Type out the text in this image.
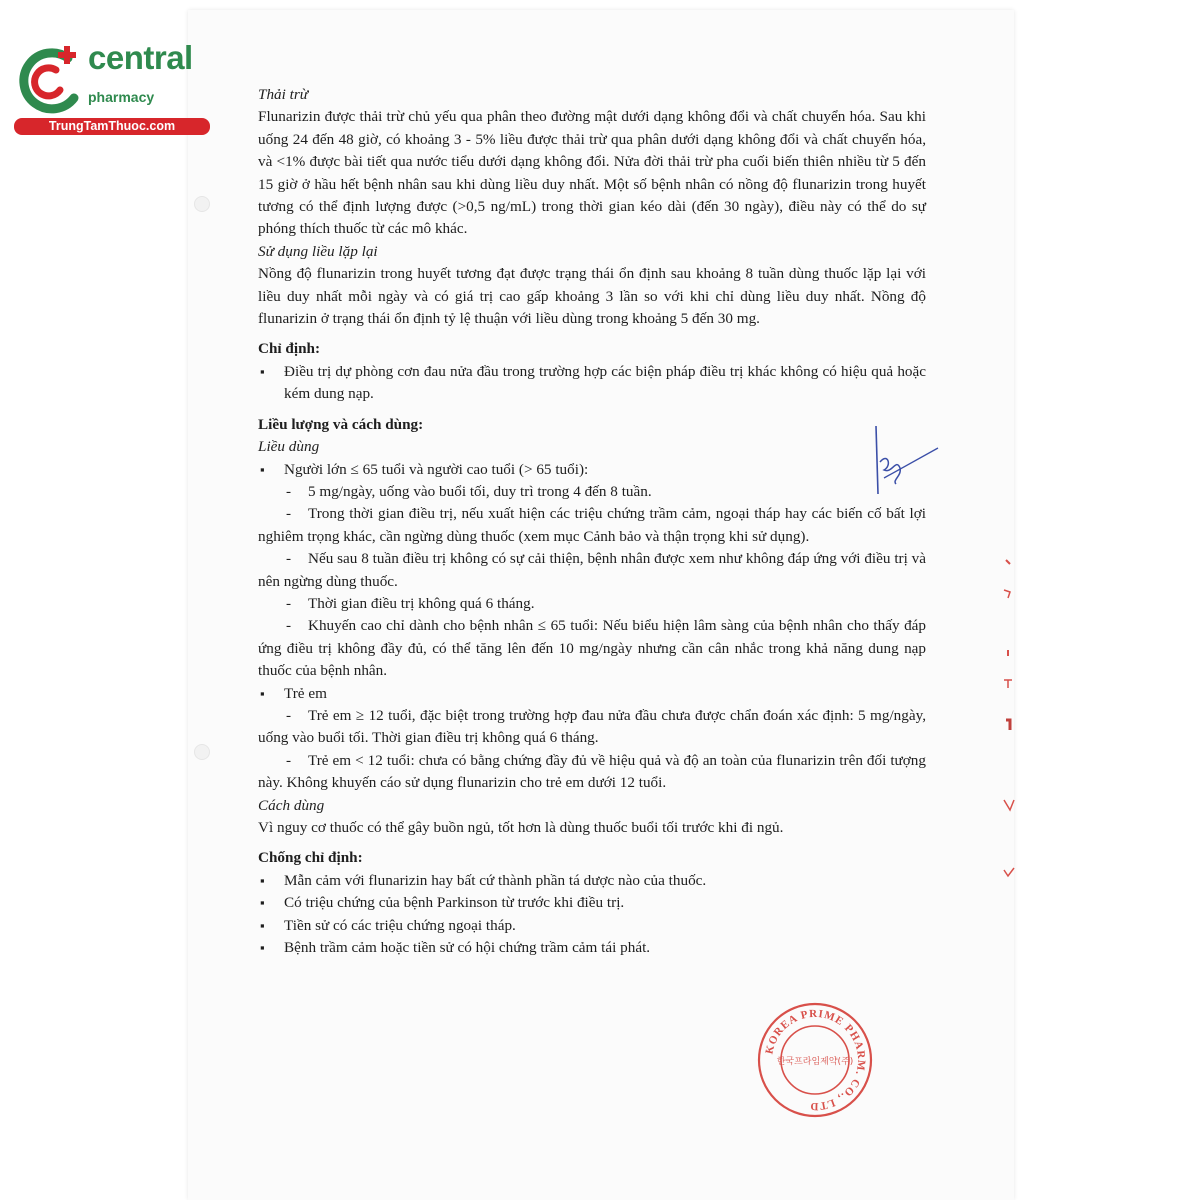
central
pharmacy
TrungTamThuoc.com

Thải trừ

Flunarizin được thải trừ chủ yếu qua phân theo đường mật dưới dạng không đổi và chất chuyển hóa. Sau khi uống 24 đến 48 giờ, có khoảng 3 - 5% liều được thải trừ qua phân dưới dạng không đổi và chất chuyển hóa, và <1% được bài tiết qua nước tiểu dưới dạng không đổi. Nửa đời thải trừ pha cuối biến thiên nhiều từ 5 đến 15 giờ ở hầu hết bệnh nhân sau khi dùng liều duy nhất. Một số bệnh nhân có nồng độ flunarizin trong huyết tương có thể định lượng được (>0,5 ng/mL) trong thời gian kéo dài (đến 30 ngày), điều này có thể do sự phóng thích thuốc từ các mô khác.

Sử dụng liều lặp lại

Nồng độ flunarizin trong huyết tương đạt được trạng thái ổn định sau khoảng 8 tuần dùng thuốc lặp lại với liều duy nhất mỗi ngày và có giá trị cao gấp khoảng 3 lần so với khi chỉ dùng liều duy nhất. Nồng độ flunarizin ở trạng thái ổn định tỷ lệ thuận với liều dùng trong khoảng 5 đến 30 mg.

Chỉ định:

▪ Điều trị dự phòng cơn đau nửa đầu trong trường hợp các biện pháp điều trị khác không có hiệu quả hoặc kém dung nạp.

Liều lượng và cách dùng:

Liều dùng

▪ Người lớn ≤ 65 tuổi và người cao tuổi (> 65 tuổi):

- 5 mg/ngày, uống vào buổi tối, duy trì trong 4 đến 8 tuần.

- Trong thời gian điều trị, nếu xuất hiện các triệu chứng trầm cảm, ngoại tháp hay các biến cố bất lợi nghiêm trọng khác, cần ngừng dùng thuốc (xem mục Cảnh bảo và thận trọng khi sử dụng).

- Nếu sau 8 tuần điều trị không có sự cải thiện, bệnh nhân được xem như không đáp ứng với điều trị và nên ngừng dùng thuốc.

- Thời gian điều trị không quá 6 tháng.

- Khuyến cao chỉ dành cho bệnh nhân ≤ 65 tuổi: Nếu biểu hiện lâm sàng của bệnh nhân cho thấy đáp ứng điều trị không đầy đủ, có thể tăng lên đến 10 mg/ngày nhưng cần cân nhắc trong khả năng dung nạp thuốc của bệnh nhân.

▪ Trẻ em

- Trẻ em ≥ 12 tuổi, đặc biệt trong trường hợp đau nửa đầu chưa được chẩn đoán xác định: 5 mg/ngày, uống vào buổi tối. Thời gian điều trị không quá 6 tháng.

- Trẻ em < 12 tuổi: chưa có bằng chứng đầy đủ về hiệu quả và độ an toàn của flunarizin trên đối tượng này. Không khuyến cáo sử dụng flunarizin cho trẻ em dưới 12 tuổi.

Cách dùng

Vì nguy cơ thuốc có thể gây buồn ngủ, tốt hơn là dùng thuốc buổi tối trước khi đi ngủ.

Chống chỉ định:

▪ Mẫn cảm với flunarizin hay bất cứ thành phần tá dược nào của thuốc.

▪ Có triệu chứng của bệnh Parkinson từ trước khi điều trị.

▪ Tiền sử có các triệu chứng ngoại tháp.

▪ Bệnh trầm cảm hoặc tiền sử có hội chứng trầm cảm tái phát.

KOREA PRIME PHARM. CO., LTD
한국프라임제약(주)
